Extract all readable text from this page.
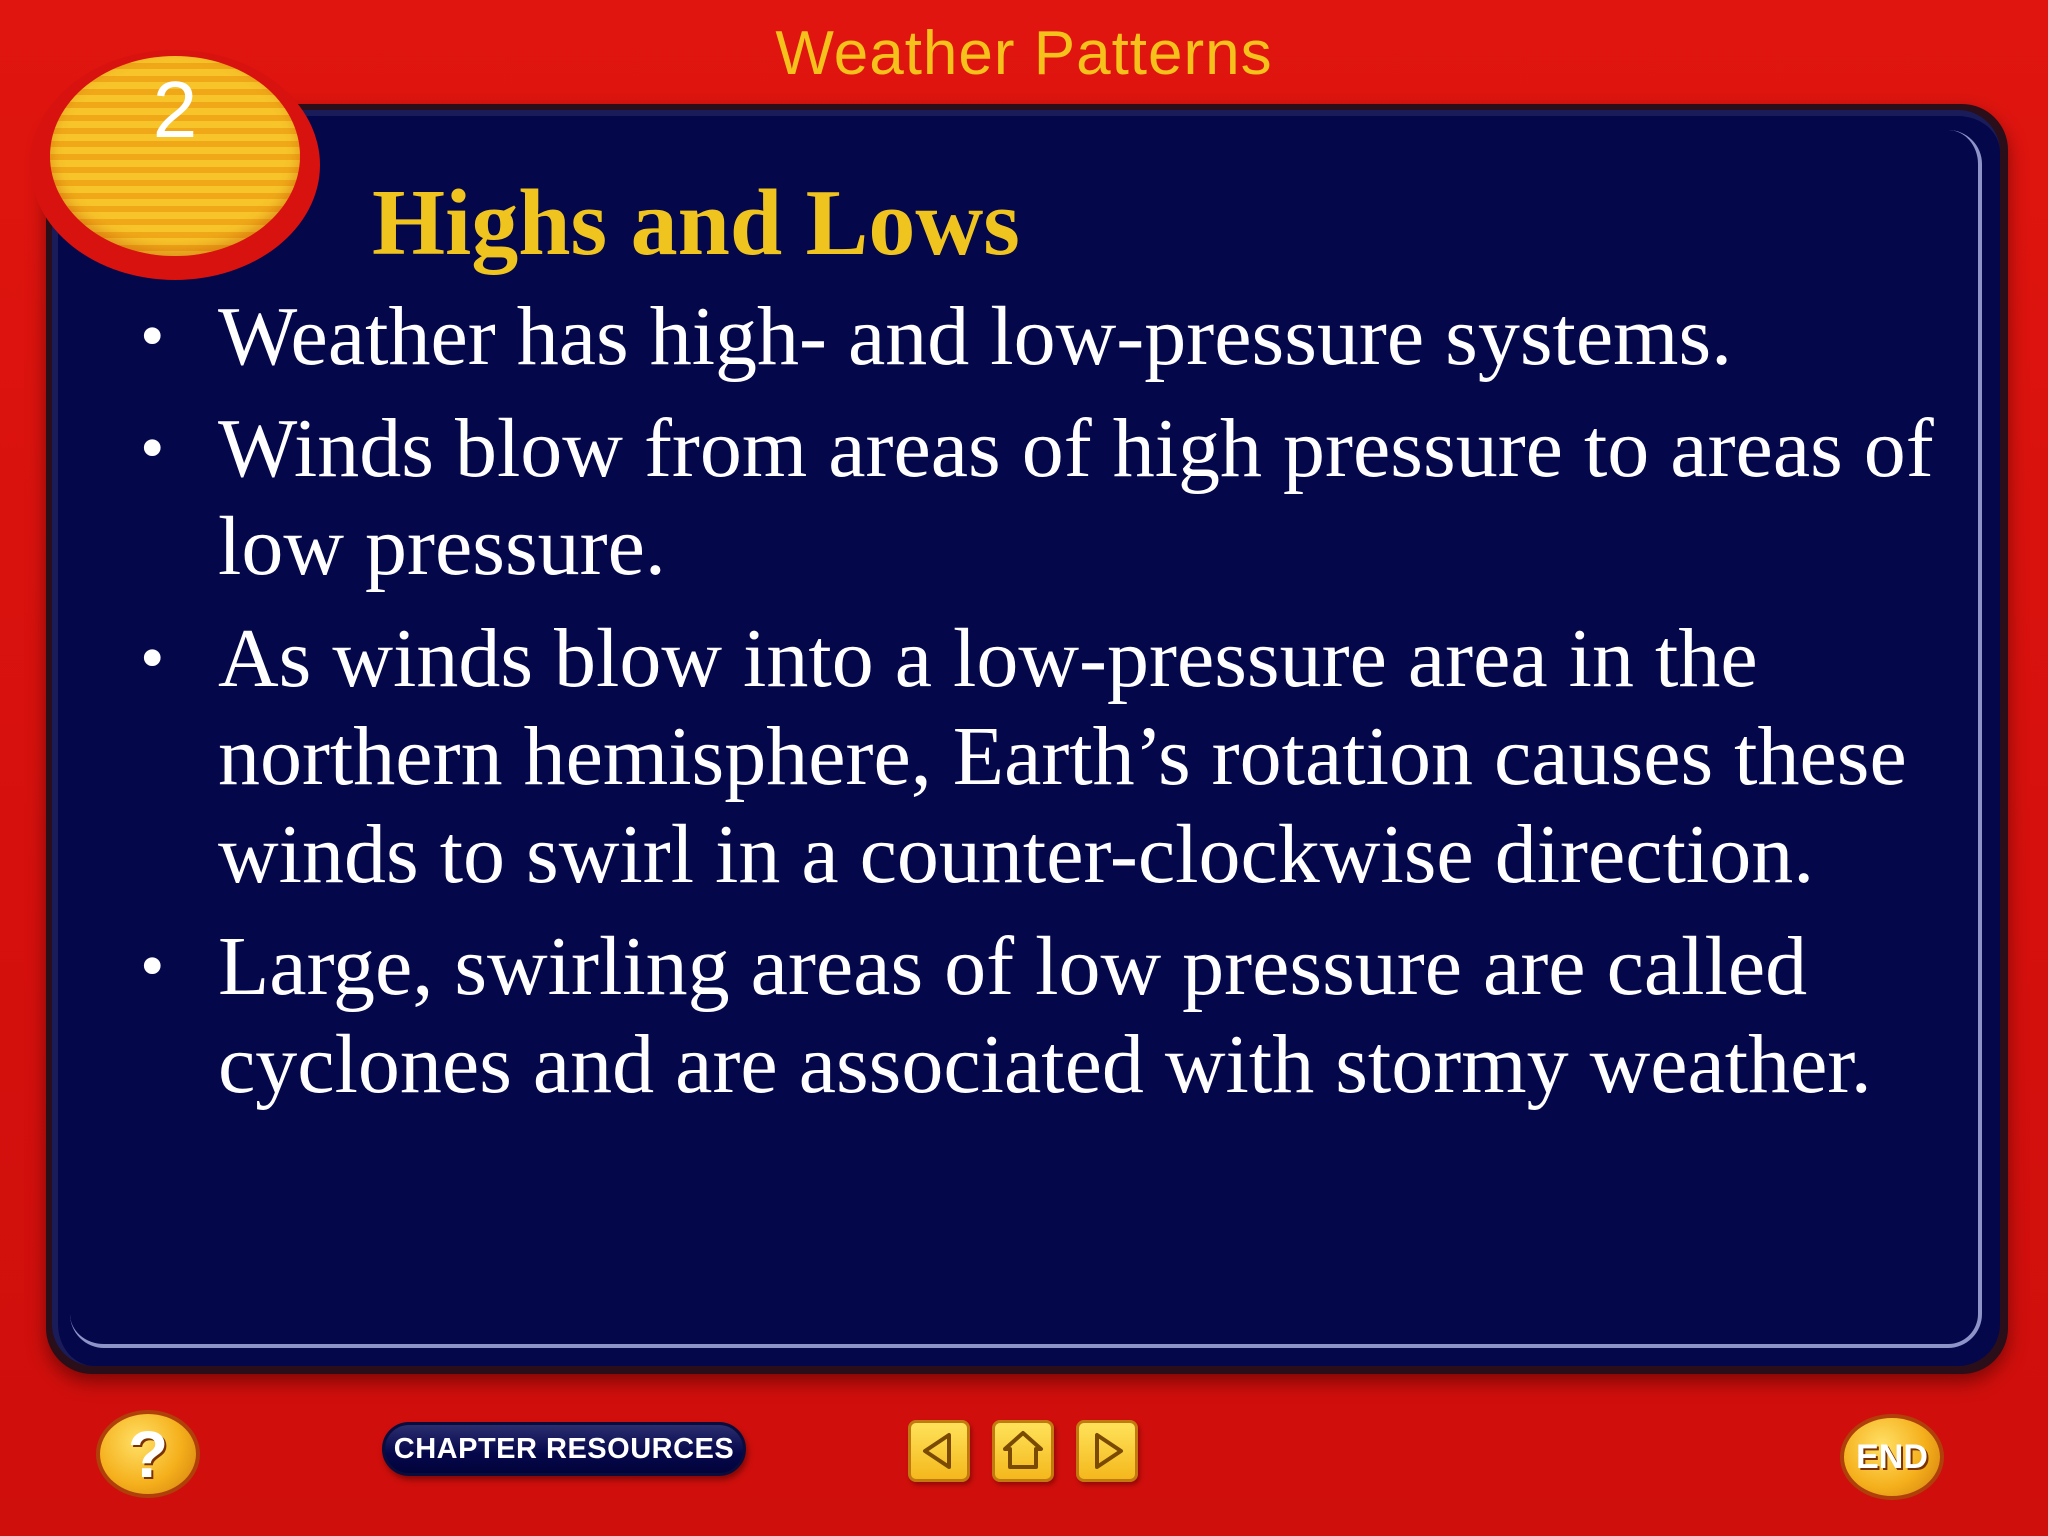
Weather Patterns
2
Highs and Lows
• Weather has high- and low-pressure systems.
• Winds blow from areas of high pressure to areas of low pressure.
• As winds blow into a low-pressure area in the northern hemisphere, Earth’s rotation causes these winds to swirl in a counter-clockwise direction.
• Large, swirling areas of low pressure are called cyclones and are associated with stormy weather.
?	CHAPTER RESOURCES	END
